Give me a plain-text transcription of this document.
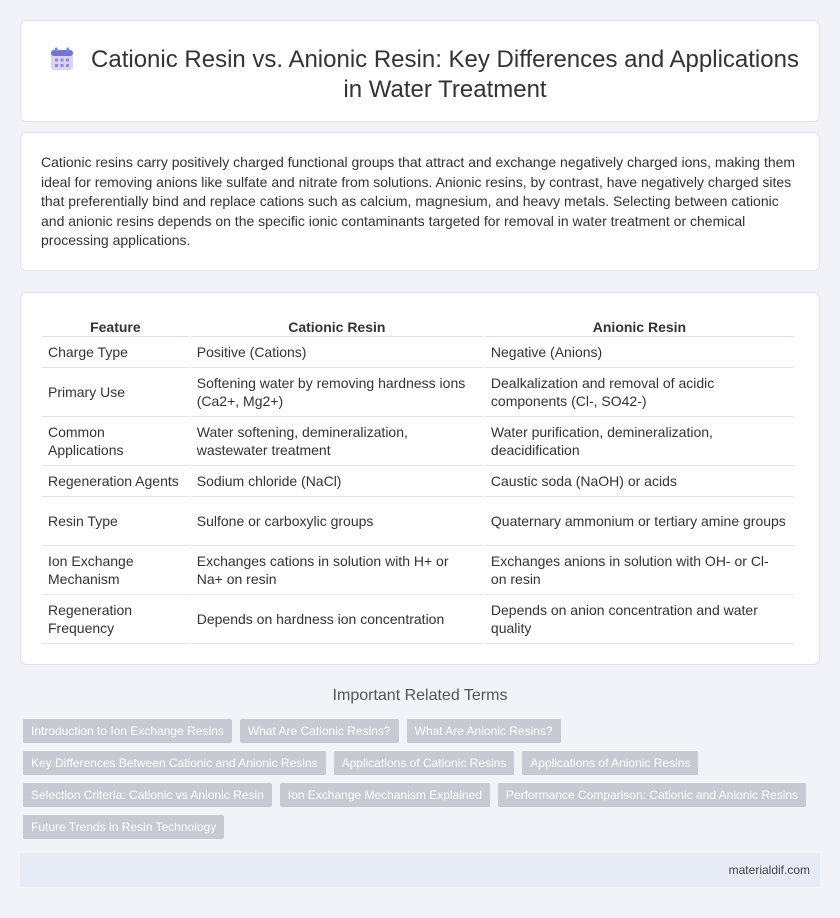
Cationic Resin vs. Anionic Resin: Key Differences and Applications in Water Treatment

Cationic resins carry positively charged functional groups that attract and exchange negatively charged ions, making them ideal for removing anions like sulfate and nitrate from solutions. Anionic resins, by contrast, have negatively charged sites that preferentially bind and replace cations such as calcium, magnesium, and heavy metals. Selecting between cationic and anionic resins depends on the specific ionic contaminants targeted for removal in water treatment or chemical processing applications.

Feature	Cationic Resin	Anionic Resin
Charge Type	Positive (Cations)	Negative (Anions)
Primary Use	Softening water by removing hardness ions (Ca2+, Mg2+)	Dealkalization and removal of acidic components (Cl-, SO42-)
Common Applications	Water softening, demineralization, wastewater treatment	Water purification, demineralization, deacidification
Regeneration Agents	Sodium chloride (NaCl)	Caustic soda (NaOH) or acids
Resin Type	Sulfone or carboxylic groups	Quaternary ammonium or tertiary amine groups
Ion Exchange Mechanism	Exchanges cations in solution with H+ or Na+ on resin	Exchanges anions in solution with OH- or Cl- on resin
Regeneration Frequency	Depends on hardness ion concentration	Depends on anion concentration and water quality
Important Related Terms
Introduction to Ion Exchange Resins	What Are Cationic Resins?	What Are Anionic Resins?
Key Differences Between Cationic and Anionic Resins	Applications of Cationic Resins	Applications of Anionic Resins
Selection Criteria: Cationic vs Anionic Resin	Ion Exchange Mechanism Explained	Performance Comparison: Cationic and Anionic Resins
Future Trends in Resin Technology
materialdif.com
